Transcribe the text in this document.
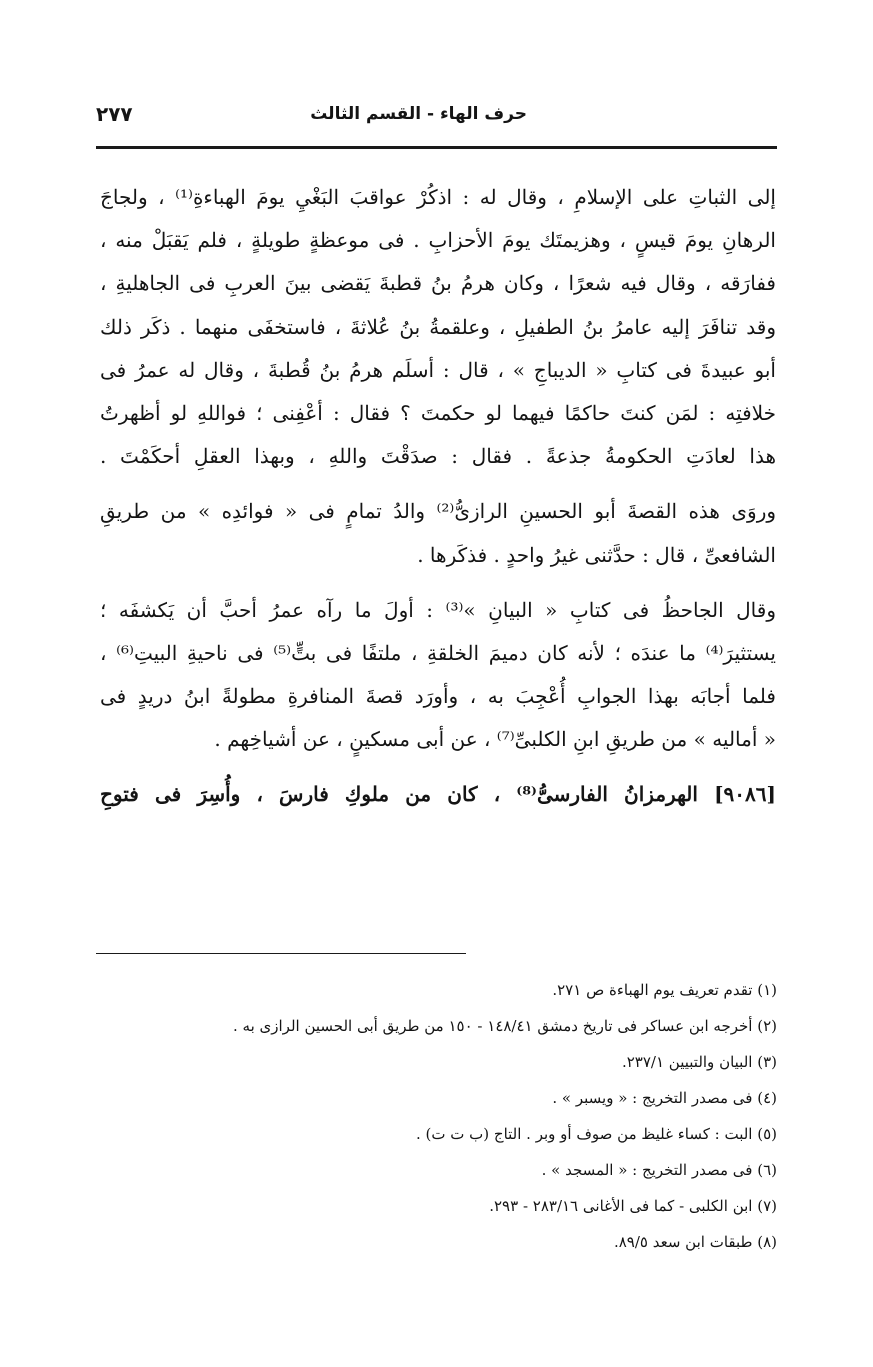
حرف الهاء - القسم الثالث
٢٧٧
إلى الثباتِ على الإسلامِ ، وقال له : اذكُرْ عواقبَ البَغْيِ يومَ الهباءةِ⁽¹⁾ ، ولجاجَ
الرهانِ يومَ قيسٍ ، وهزيمتَك يومَ الأحزابِ . فى موعظةٍ طويلةٍ ، فلم يَقبَلْ منه ،
ففارَقه ، وقال فيه شعرًا ، وكان هرمُ بنُ قطبةَ يَقضى بينَ العربِ فى الجاهليةِ ،
وقد تنافَرَ إليه عامرُ بنُ الطفيلِ ، وعلقمةُ بنُ عُلاثةَ ، فاستخفَى منهما . ذكَر ذلك
أبو عبيدةَ فى كتابِ « الديباجِ » ، قال : أسلَم هرمُ بنُ قُطبةَ ، وقال له عمرُ فى
خلافتِه : لمَن كنتَ حاكمًا فيهما لو حكمتَ ؟ فقال : أعْفِنى ؛ فواللهِ لو أظهرتُ
هذا لعادَتِ الحكومةُ جذعةً . فقال : صدَقْتَ واللهِ ، وبهذا العقلِ أحكَمْتَ .
وروَى هذه القصةَ أبو الحسينِ الرازىُّ⁽²⁾ والدُ تمامٍ فى « فوائدِه » من طريقِ
الشافعىِّ ، قال : حدَّثنى غيرُ واحدٍ . فذكَرها .
وقال الجاحظُ فى كتابِ « البيانِ »⁽³⁾ : أولَ ما رآه عمرُ أحبَّ أن يَكشفَه ؛
يستثيرَ⁽⁴⁾ ما عندَه ؛ لأنه كان دميمَ الخلقةِ ، ملتفًا فى بتٍّ⁽⁵⁾ فى ناحيةِ البيتِ⁽⁶⁾ ،
فلما أجابَه بهذا الجوابِ أُعْجِبَ به ، وأورَد قصةَ المنافرةِ مطولةً ابنُ دريدٍ فى
« أماليه » من طريقِ ابنِ الكلبىِّ⁽⁷⁾ ، عن أبى مسكينٍ ، عن أشياخِهم .
[٩٠٨٦] الهرمزانُ الفارسىُّ⁽⁸⁾ ، كان من ملوكِ فارسَ ، وأُسِرَ فى فتوحِ
(١) تقدم تعريف يوم الهباءة ص ٢٧١.
(٢) أخرجه ابن عساكر فى تاريخ دمشق ١٤٨/٤١ - ١٥٠ من طريق أبى الحسين الرازى به .
(٣) البيان والتبيين ٢٣٧/١.
(٤) فى مصدر التخريج : « ويسبر » .
(٥) البت : كساء غليظ من صوف أو وبر . التاج (ب ت ت) .
(٦) فى مصدر التخريج : « المسجد » .
(٧) ابن الكلبى - كما فى الأغانى ٢٨٣/١٦ - ٢٩٣.
(٨) طبقات ابن سعد ٨٩/٥.
